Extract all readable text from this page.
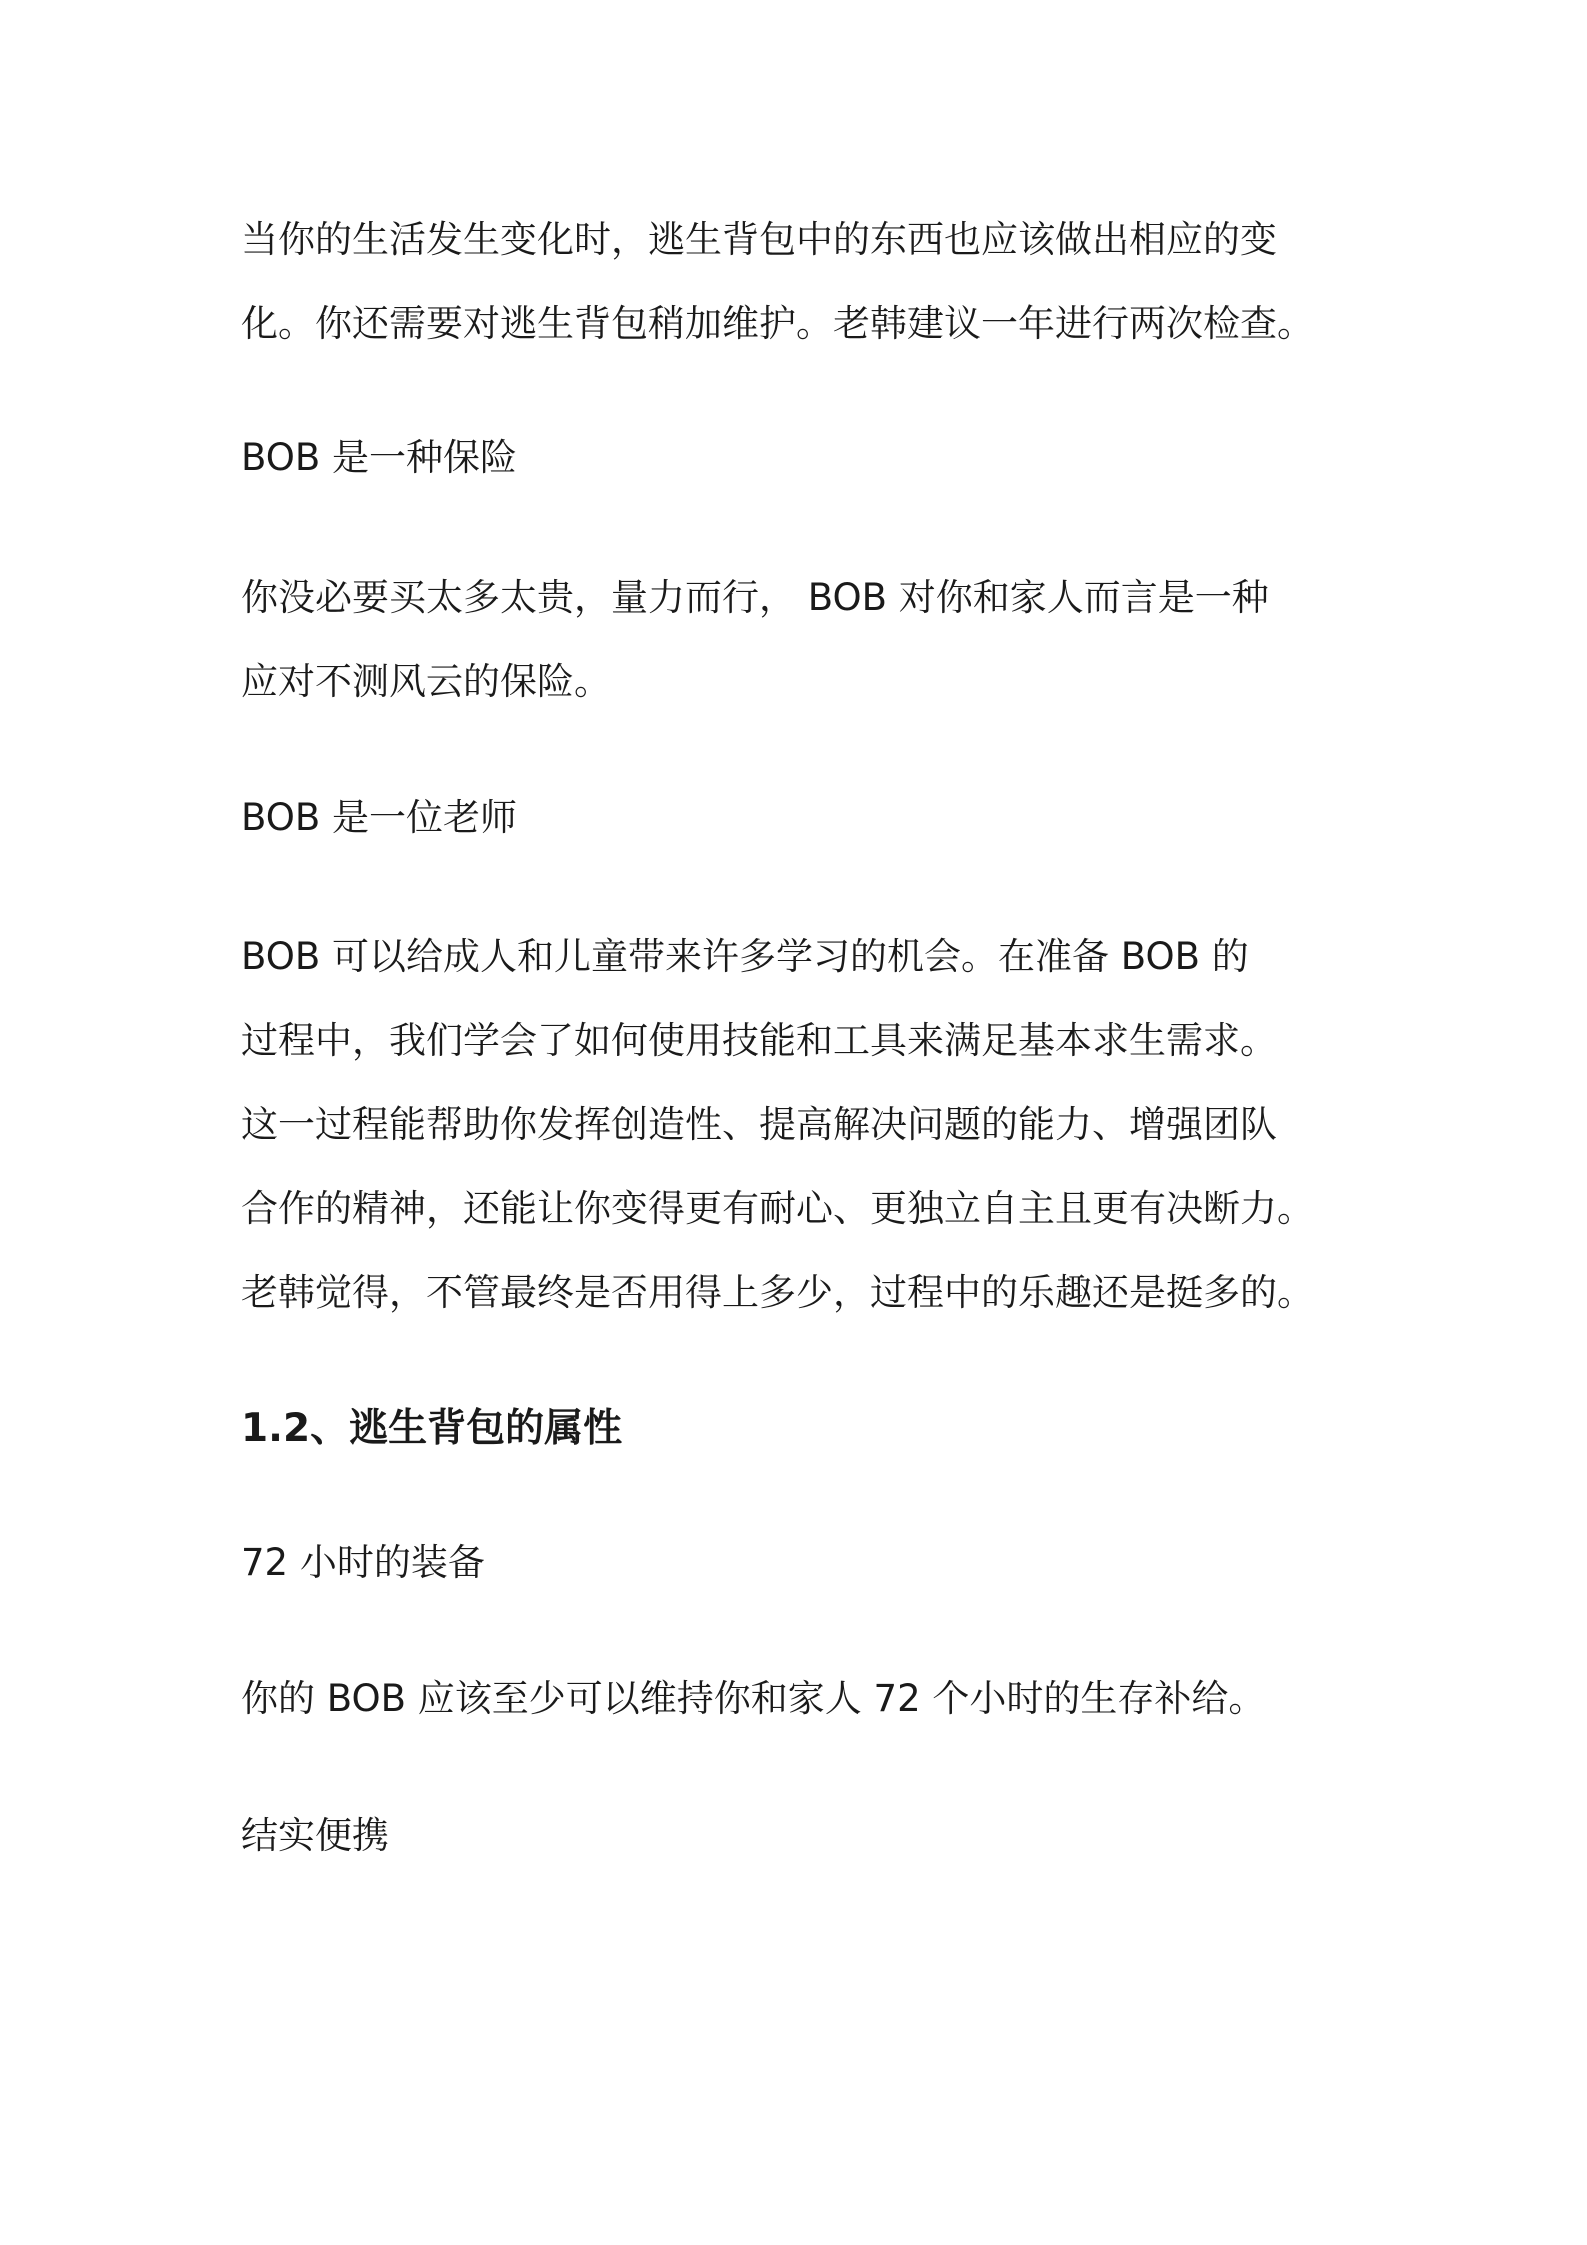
当你的生活发生变化时，逃生背包中的东西也应该做出相应的变
化。你还需要对逃生背包稍加维护。老韩建议一年进行两次检查。
BOB 是一种保险
你没必要买太多太贵，量力而行， BOB 对你和家人而言是一种
应对不测风云的保险。
BOB 是一位老师
BOB 可以给成人和儿童带来许多学习的机会。在准备 BOB 的
过程中，我们学会了如何使用技能和工具来满足基本求生需求。
这一过程能帮助你发挥创造性、提高解决问题的能力、增强团队
合作的精神，还能让你变得更有耐心、更独立自主且更有决断力。
老韩觉得，不管最终是否用得上多少，过程中的乐趣还是挺多的。
1.2、逃生背包的属性
72 小时的装备
你的 BOB 应该至少可以维持你和家人 72 个小时的生存补给。
结实便携
